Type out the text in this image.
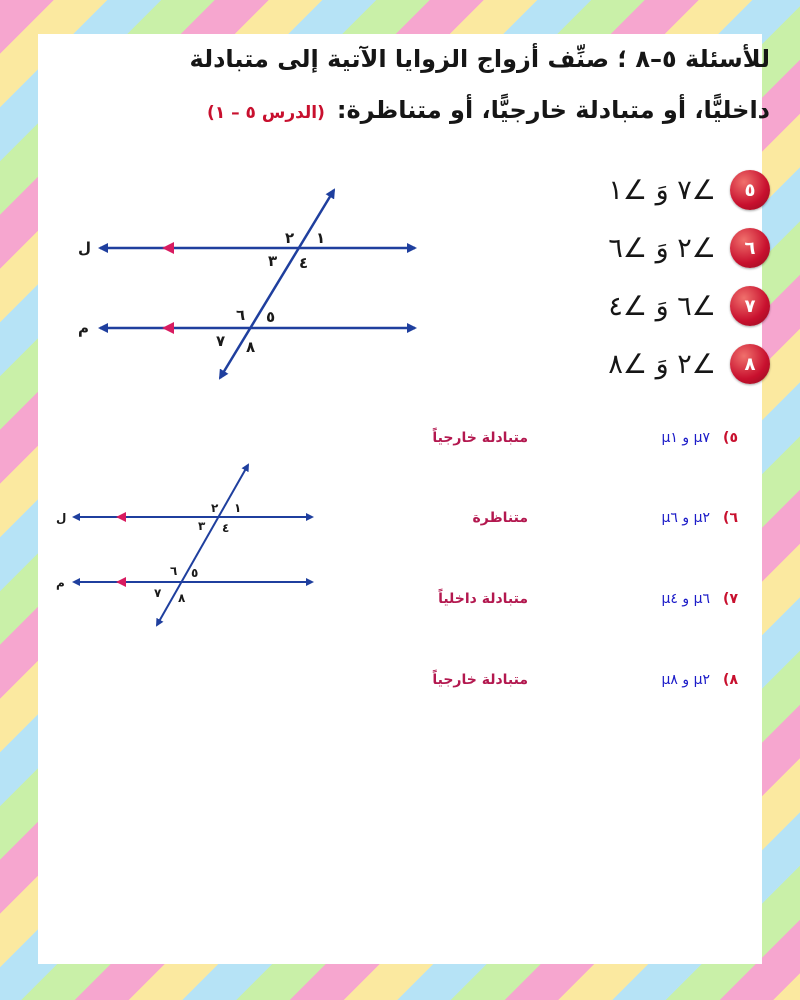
للأسئلة ٥–٨ ؛ صنِّف أزواج الزوايا الآتية إلى متبادلة
داخليًّا، أو متبادلة خارجيًّا، أو متناظرة:(الدرس ٥ – ١)
٥
∠٧ وَ ∠١
٦
∠٢ وَ ∠٦
٧
∠٦ وَ ∠٤
٨
∠٢ وَ ∠٨
ل
م
١
٢
٣ ٤
٥
٦
٧ ٨
٥)
µ٧ و µ١
متبادلة خارجياً
٦)
µ٢ و µ٦
متناظرة
٧)
µ٦ و µ٤
متبادلة داخلياً
٨)
µ٢ و µ٨
متبادلة خارجياً
ل
م
١
٢
٣ ٤
٥
٦
٧ ٨
